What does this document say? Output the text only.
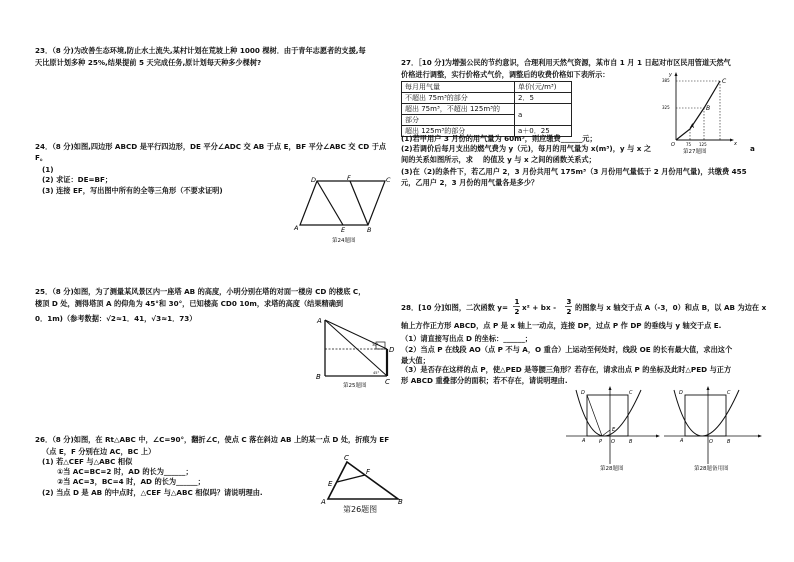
23．（8 分)为改善生态环境,防止水土流失,某村计划在荒坡上种 1000 棵树．由于青年志愿者的支援,每
天比原计划多种 25%,结果提前 5 天完成任务,原计划每天种多少棵树?
24．（8 分)如图,四边形 ABCD 是平行四边形，DE 平分∠ADC 交 AB 于点 E，BF 平分∠ABC 交 CD 于点
F。
(1)
(2) 求证：DE=BF；
(3) 连接 EF，写出图中所有的全等三角形（不要求证明)
D	F	C
A	E	B
第24题图
25．（8 分)如图，为了测量某风景区内一座塔 AB 的高度，小明分别在塔的对面一楼房 CD 的楼底 C，
楼顶 D 处，测得塔顶 A 的仰角为 45°和 30°，已知楼高 CD0 10m，求塔的高度（结果精确到
0．1m)（参考数据：√2≈1．41，√3≈1．73）	A
D
B
C
45°
30°
第25题图
26．（8 分)如图，在 Rt△ABC 中，∠C=90°，翻折∠C，使点 C 落在斜边 AB 上的某一点 D 处，折痕为 EF
（点 E，F 分别在边 AC，BC 上）
(1) 若△CEF 与△ABC 相似
①当 AC=BC=2 时，AD 的长为______；
②当 AC=3，BC=4 时，AD 的长为______；
(2) 当点 D 是 AB 的中点时，△CEF 与△ABC 相似吗？请说明理由.
C
F
E
A	B
第26题图
27．［10 分]为增强公民的节约意识，合理利用天然气资源，某市自 1 月 1 日起对市区民用管道天然气
价格进行调整，实行价格式气价，调整后的收费价格如下表所示：
每月用气量	单价(元/m³)
不超出 75m³的部分	2．5
超出 75m³，不超出 125m³的	a
部分	
超出 125m³的部分	a＋0．25
(1)若甲用户 3 月份的用气量为 60m³，则应缴费______元；
(2)若调价后每月支出的燃气费为 y（元)，每月的用气量为 x(m³)，y 与 x 之
间的关系如图所示，求
a
的值及 y 与 x 之间的函数关系式；
(3)在（2)的条件下，若乙用户 2，3 月份共用气 175m³（3 月份用气量低于 2 月份用气量)，共缴费 455
元，乙用户 2，3 月份的用气量各是多少？
y
x
C
B
A
O
385
325
75 125
第27题图
28．[10 分]如图，二次函数 y=
1
2 x² + bx -
3
2 的图象与 x 轴交于点 A（-3，0）和点 B，以 AB 为边在 x
轴上方作正方形 ABCD，点 P 是 x 轴上一动点，连接 DP，过点 P 作 DP 的垂线与 y 轴交于点 E.
（1）请直接写出点 D 的坐标：______；
（2）当点 P 在线段 AO（点 P 不与 A，O 重合）上运动至何处时，线段 OE 的长有最大值，求出这个
最大值；
（3）是否存在这样的点 P，使△PED 是等腰三角形？若存在，请求出点 P 的坐标及此时△PED 与正方
形 ABCD 重叠部分的面积；若不存在，请说明理由.
D	C
A	P O	B
E
第28题图
D	C
A	O	B
第28题备用图
